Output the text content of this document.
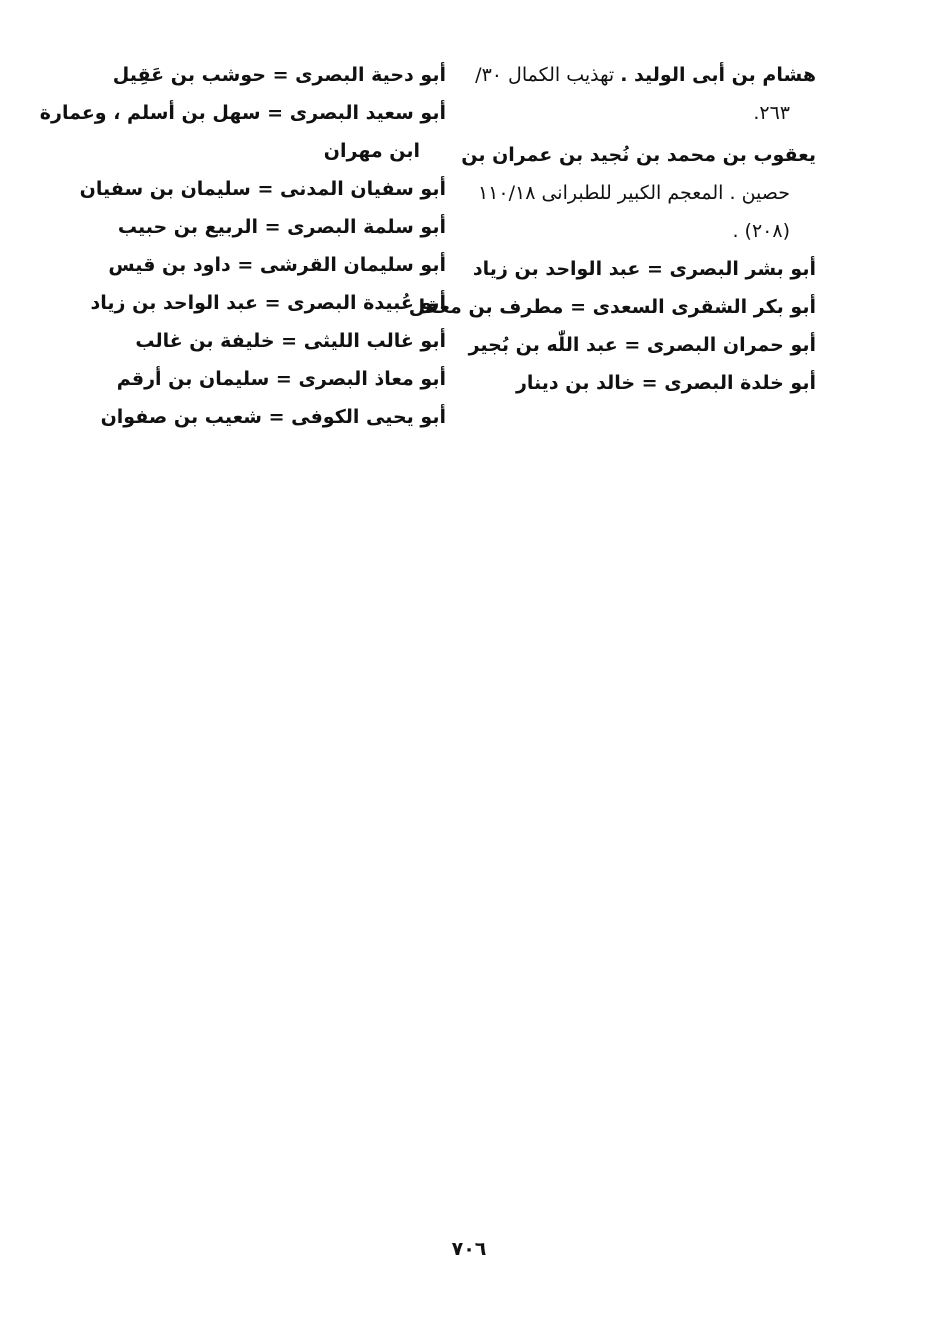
هشام بن أبى الوليد . تهذيب الكمال ٣٠/

٢٦٣.

يعقوب بن محمد بن نُجيد بن عمران بن

حصين . المعجم الكبير للطبرانى ١١٠/١٨

(٢٠٨) .

أبو بشر البصرى = عبد الواحد بن زياد

أبو بكر الشقرى السعدى = مطرف بن معقل

أبو حمران البصرى = عبد اللّٰه بن بُجير

أبو خلدة البصرى = خالد بن دينار

أبو دحية البصرى = حوشب بن عَقِيل

أبو سعيد البصرى = سهل بن أسلم ، وعمارة

ابن مهران

أبو سفيان المدنى = سليمان بن سفيان

أبو سلمة البصرى = الربيع بن حبيب

أبو سليمان القرشى = داود بن قيس

أبو عُبيدة البصرى = عبد الواحد بن زياد

أبو غالب الليثى = خليفة بن غالب

أبو معاذ البصرى = سليمان بن أرقم

أبو يحيى الكوفى = شعيب بن صفوان

٧٠٦
